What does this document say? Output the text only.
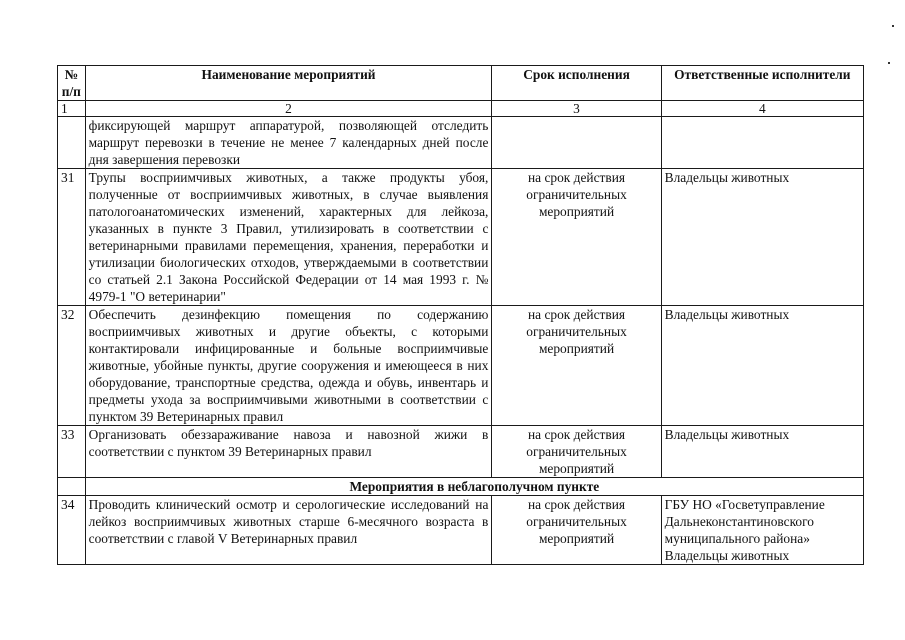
№ п/п	Наименование мероприятий	Срок исполнения	Ответственные исполнители
1	2	3	4
	фиксирующей маршрут аппаратурой, позволяющей отследить маршрут перевозки в течение не менее 7 календарных дней после дня завершения перевозки		
31	Трупы восприимчивых животных, а также продукты убоя, полученные от восприимчивых животных, в случае выявления патологоанатомических изменений, характерных для лейкоза, указанных в пункте 3 Правил, утилизировать в соответствии с ветеринарными правилами перемещения, хранения, переработки и утилизации биологических отходов, утверждаемыми в соответствии со статьей 2.1 Закона Российской Федерации от 14 мая 1993 г. № 4979-1 "О ветеринарии"	на срок действия ограничительных мероприятий	Владельцы животных
32	Обеспечить дезинфекцию помещения по содержанию восприимчивых животных и другие объекты, с которыми контактировали инфицированные и больные восприимчивые животные, убойные пункты, другие сооружения и имеющееся в них оборудование, транспортные средства, одежда и обувь, инвентарь и предметы ухода за восприимчивыми животными в соответствии с пунктом 39 Ветеринарных правил	на срок действия ограничительных мероприятий	Владельцы животных
33	Организовать обеззараживание навоза и навозной жижи в соответствии с пунктом 39 Ветеринарных правил	на срок действия ограничительных мероприятий	Владельцы животных
	Мероприятия в неблагополучном пункте		
34	Проводить клинический осмотр и серологические исследований на лейкоз восприимчивых животных старше 6-месячного возраста в соответствии с главой V Ветеринарных правил	на срок действия ограничительных мероприятий	ГБУ НО «Госветуправление Дальнеконстантиновского муниципального района»
Владельцы животных
